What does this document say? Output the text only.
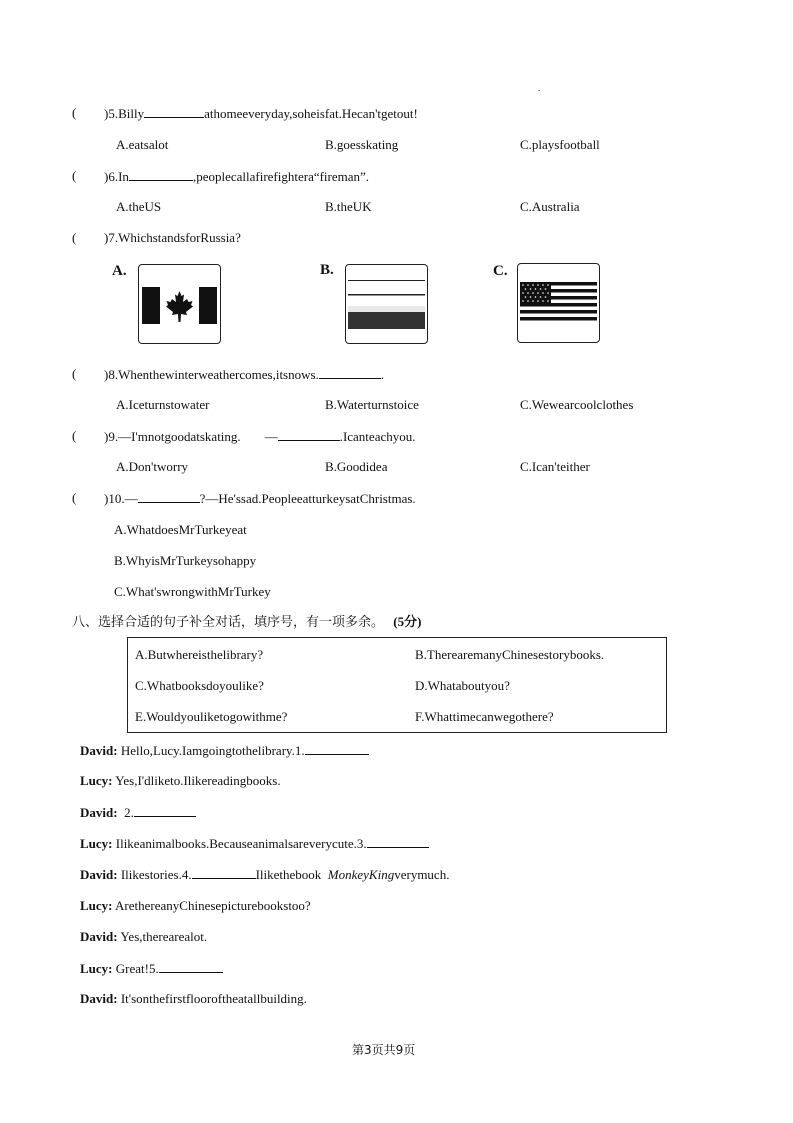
.
( )5.Billy	athomeeveryday,soheisfat.Hecan'tgetout!
A.eatsalot	B.goesskating	C.playsfootball
( )6.In	,peoplecallafirefightera“fireman”.
A.theUS	B.theUK	C.Australia
( )7.WhichstandsforRussia?
A.	B.	C.
( )8.Whenthewinterweathercomes,itsnows.	.
A.Iceturnstowater	B.Waterturnstoice	C.Wewearcoolclothes
( )9.—I'mnotgoodatskating. —	.Icanteachyou.
A.Don'tworry	B.Goodidea	C.Ican'teither
( )10.—	?—He'ssad.PeopleeatturkeysatChristmas.
A.WhatdoesMrTurkeyeat
B.WhyisMrTurkeysohappy
C.What'swrongwithMrTurkey
八、选择合适的句子补全对话，填序号，有一项多余。 (5分)
A.Butwhereisthelibrary?	B.TherearemanyChinesestorybooks.
C.Whatbooksdoyoulike?	D.Whataboutyou?
E.Wouldyouliketogowithme?	F.Whattimecanwegothere?
David: Hello,Lucy.Iamgoingtothelibrary.1.
Lucy: Yes,I'dliketo.Ilikereadingbooks.
David: 2.
Lucy: Ilikeanimalbooks.Becauseanimalsareverycute.3.
David: Ilikestories.4.	Ilikethebook MonkeyKingverymuch.
Lucy: ArethereanyChinesepicturebookstoo?
David: Yes,therearealot.
Lucy: Great!5.
David: It'sonthefirstflooroftheatallbuilding.
第3页共9页
